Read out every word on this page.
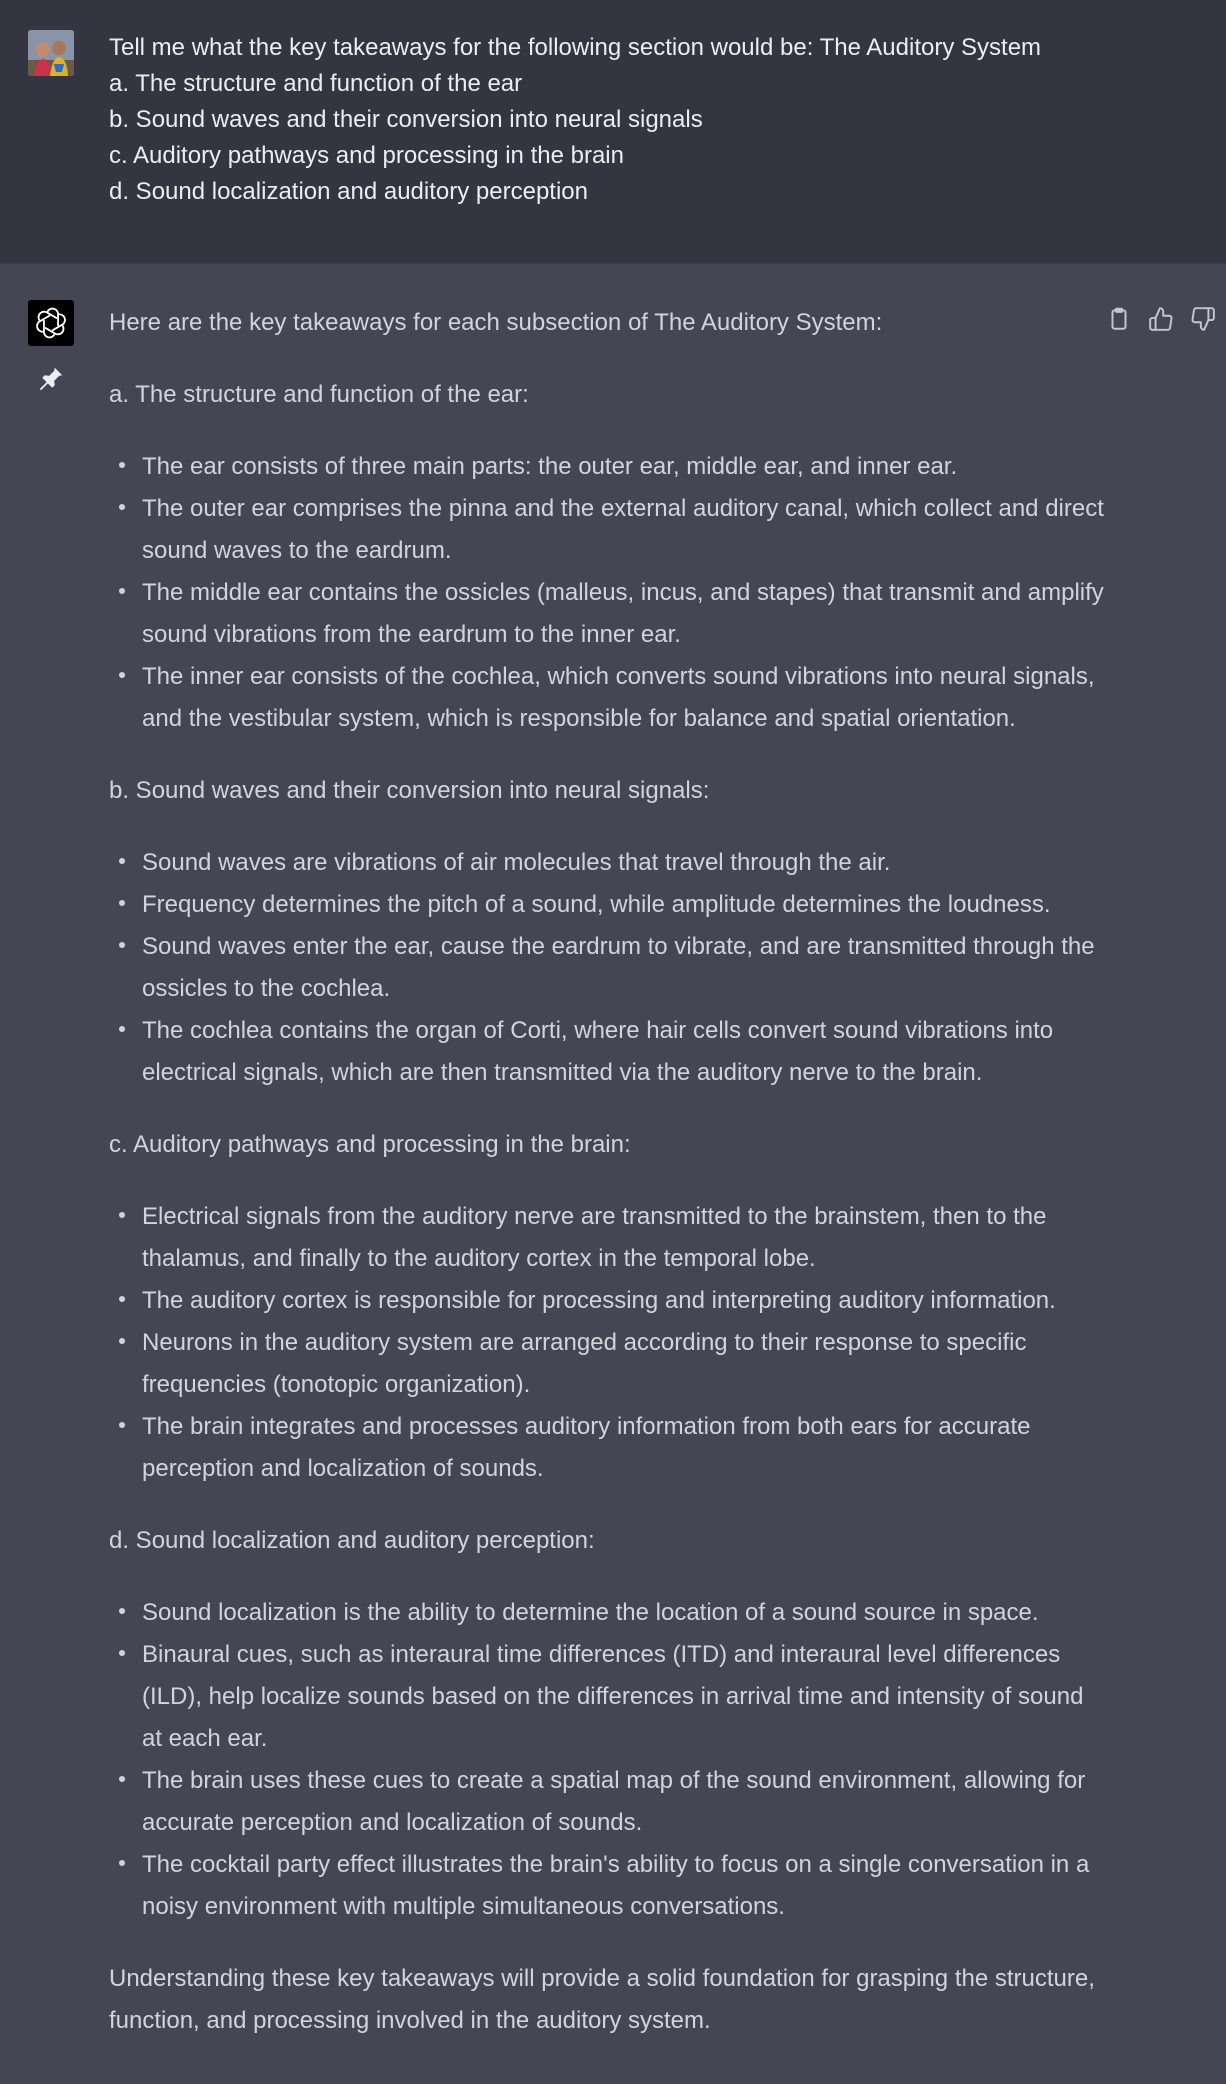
Tell me what the key takeaways for the following section would be: The Auditory System
a. The structure and function of the ear
b. Sound waves and their conversion into neural signals
c. Auditory pathways and processing in the brain
d. Sound localization and auditory perception

Here are the key takeaways for each subsection of The Auditory System:

a. The structure and function of the ear:

The ear consists of three main parts: the outer ear, middle ear, and inner ear.
The outer ear comprises the pinna and the external auditory canal, which collect and direct sound waves to the eardrum.
The middle ear contains the ossicles (malleus, incus, and stapes) that transmit and amplify sound vibrations from the eardrum to the inner ear.
The inner ear consists of the cochlea, which converts sound vibrations into neural signals, and the vestibular system, which is responsible for balance and spatial orientation.

b. Sound waves and their conversion into neural signals:

Sound waves are vibrations of air molecules that travel through the air.
Frequency determines the pitch of a sound, while amplitude determines the loudness.
Sound waves enter the ear, cause the eardrum to vibrate, and are transmitted through the ossicles to the cochlea.
The cochlea contains the organ of Corti, where hair cells convert sound vibrations into electrical signals, which are then transmitted via the auditory nerve to the brain.

c. Auditory pathways and processing in the brain:

Electrical signals from the auditory nerve are transmitted to the brainstem, then to the thalamus, and finally to the auditory cortex in the temporal lobe.
The auditory cortex is responsible for processing and interpreting auditory information.
Neurons in the auditory system are arranged according to their response to specific frequencies (tonotopic organization).
The brain integrates and processes auditory information from both ears for accurate perception and localization of sounds.

d. Sound localization and auditory perception:

Sound localization is the ability to determine the location of a sound source in space.
Binaural cues, such as interaural time differences (ITD) and interaural level differences (ILD), help localize sounds based on the differences in arrival time and intensity of sound at each ear.
The brain uses these cues to create a spatial map of the sound environment, allowing for accurate perception and localization of sounds.
The cocktail party effect illustrates the brain's ability to focus on a single conversation in a noisy environment with multiple simultaneous conversations.

Understanding these key takeaways will provide a solid foundation for grasping the structure, function, and processing involved in the auditory system.
